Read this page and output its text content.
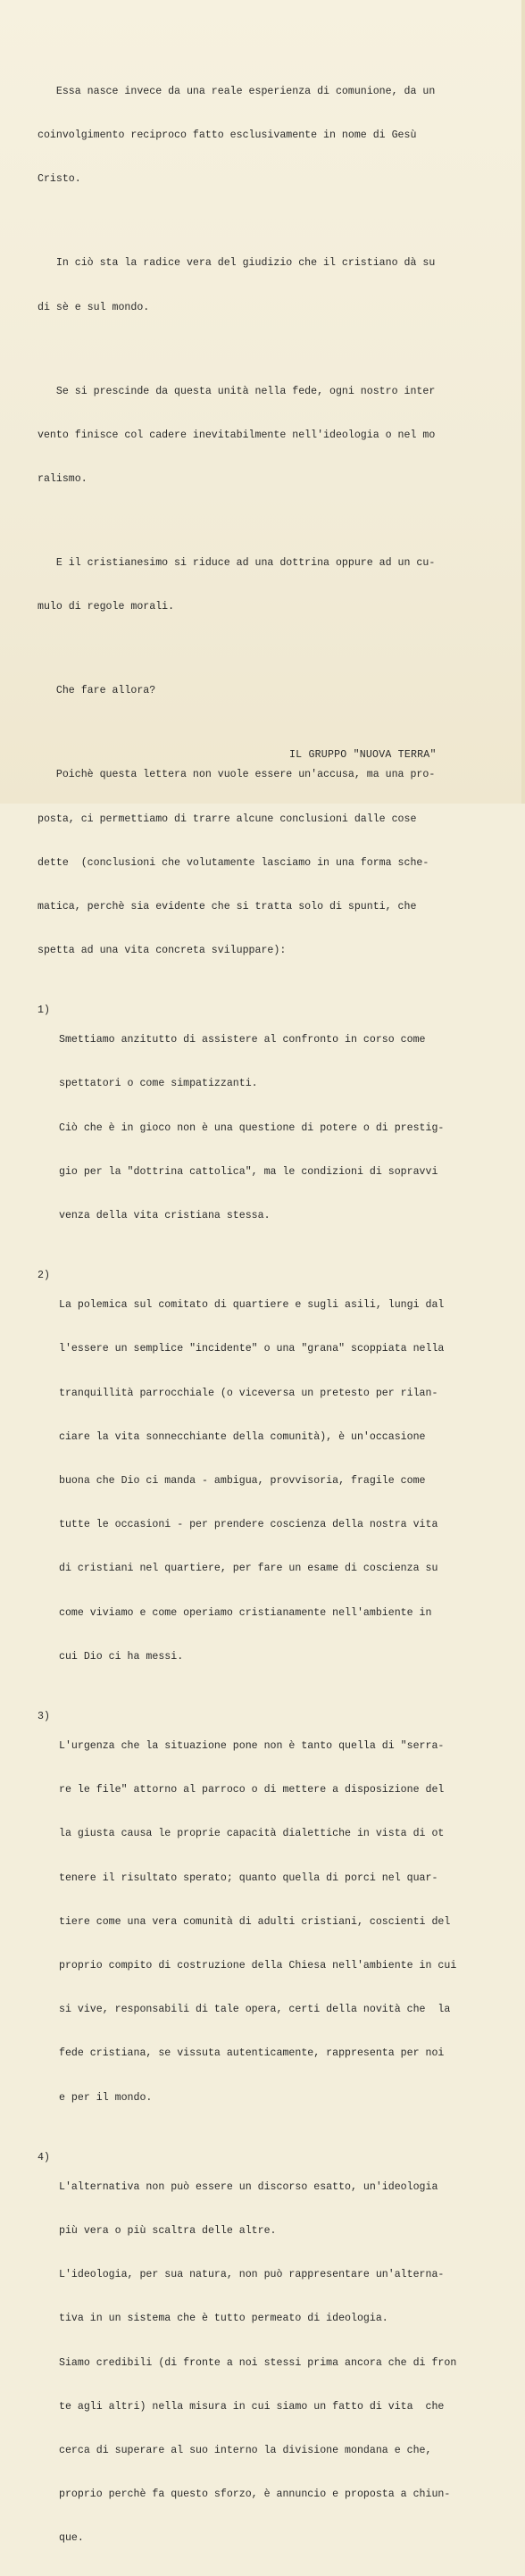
Essa nasce invece da una reale esperienza di comunione, da un

coinvolgimento reciproco fatto esclusivamente in nome di Gesù

Cristo.

In ciò sta la radice vera del giudizio che il cristiano dà su

di sè e sul mondo.

Se si prescinde da questa unità nella fede, ogni nostro inter

vento finisce col cadere inevitabilmente nell'ideologia o nel mo

ralismo.

E il cristianesimo si riduce ad una dottrina oppure ad un cu-

mulo di regole morali.

Che fare allora?

Poichè questa lettera non vuole essere un'accusa, ma una pro-

posta, ci permettiamo di trarre alcune conclusioni dalle cose

dette  (conclusioni che volutamente lasciamo in una forma sche-

matica, perchè sia evidente che si tratta solo di spunti, che

spetta ad una vita concreta sviluppare):

1)

Smettiamo anzitutto di assistere al confronto in corso come

spettatori o come simpatizzanti.

Ciò che è in gioco non è una questione di potere o di prestig-

gio per la "dottrina cattolica", ma le condizioni di sopravvi

venza della vita cristiana stessa.

2)

La polemica sul comitato di quartiere e sugli asili, lungi dal

l'essere un semplice "incidente" o una "grana" scoppiata nella

tranquillità parrocchiale (o viceversa un pretesto per rilan-

ciare la vita sonnecchiante della comunità), è un'occasione

buona che Dio ci manda - ambigua, provvisoria, fragile come

tutte le occasioni - per prendere coscienza della nostra vita

di cristiani nel quartiere, per fare un esame di coscienza su

come viviamo e come operiamo cristianamente nell'ambiente in

cui Dio ci ha messi.

3)

L'urgenza che la situazione pone non è tanto quella di "serra-

re le file" attorno al parroco o di mettere a disposizione del

la giusta causa le proprie capacità dialettiche in vista di ot

tenere il risultato sperato; quanto quella di porci nel quar-

tiere come una vera comunità di adulti cristiani, coscienti del

proprio compito di costruzione della Chiesa nell'ambiente in cui

si vive, responsabili di tale opera, certi della novità che  la

fede cristiana, se vissuta autenticamente, rappresenta per noi

e per il mondo.

4)

L'alternativa non può essere un discorso esatto, un'ideologia

più vera o più scaltra delle altre.

L'ideologia, per sua natura, non può rappresentare un'alterna-

tiva in un sistema che è tutto permeato di ideologia.

Siamo credibili (di fronte a noi stessi prima ancora che di fron

te agli altri) nella misura in cui siamo un fatto di vita  che

cerca di superare al suo interno la divisione mondana e che,

proprio perchè fa questo sforzo, è annuncio e proposta a chiun-

que.

IL GRUPPO "NUOVA TERRA"
